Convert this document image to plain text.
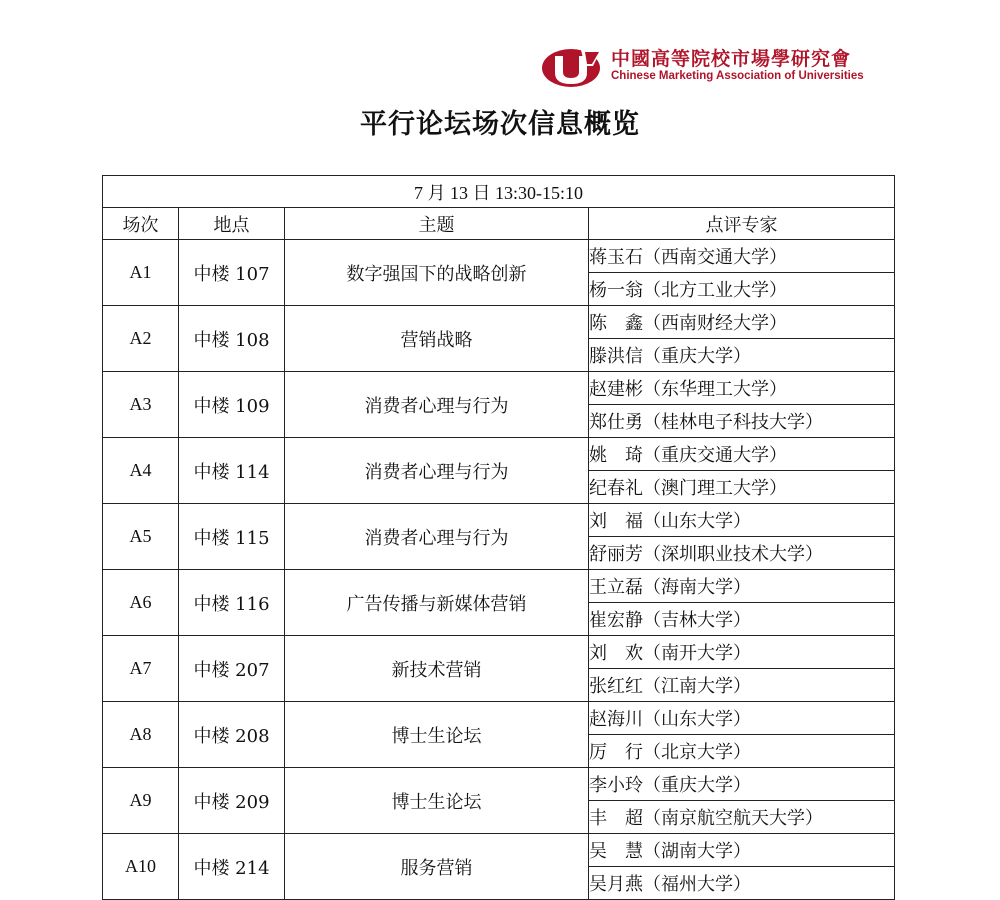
中國高等院校市場學研究會
Chinese Marketing Association of Universities
平行论坛场次信息概览
7 月 13 日 13:30-15:10			
场次	地点	主题	点评专家
A1	中楼 107	数字强国下的战略创新	蒋玉石（西南交通大学）
			杨一翁（北方工业大学）
A2	中楼 108	营销战略	陈　鑫（西南财经大学）
			滕洪信（重庆大学）
A3	中楼 109	消费者心理与行为	赵建彬（东华理工大学）
			郑仕勇（桂林电子科技大学）
A4	中楼 114	消费者心理与行为	姚　琦（重庆交通大学）
			纪春礼（澳门理工大学）
A5	中楼 115	消费者心理与行为	刘　福（山东大学）
			舒丽芳（深圳职业技术大学）
A6	中楼 116	广告传播与新媒体营销	王立磊（海南大学）
			崔宏静（吉林大学）
A7	中楼 207	新技术营销	刘　欢（南开大学）
			张红红（江南大学）
A8	中楼 208	博士生论坛	赵海川（山东大学）
			厉　行（北京大学）
A9	中楼 209	博士生论坛	李小玲（重庆大学）
			丰　超（南京航空航天大学）
A10	中楼 214	服务营销	吴　慧（湖南大学）
			吴月燕（福州大学）
